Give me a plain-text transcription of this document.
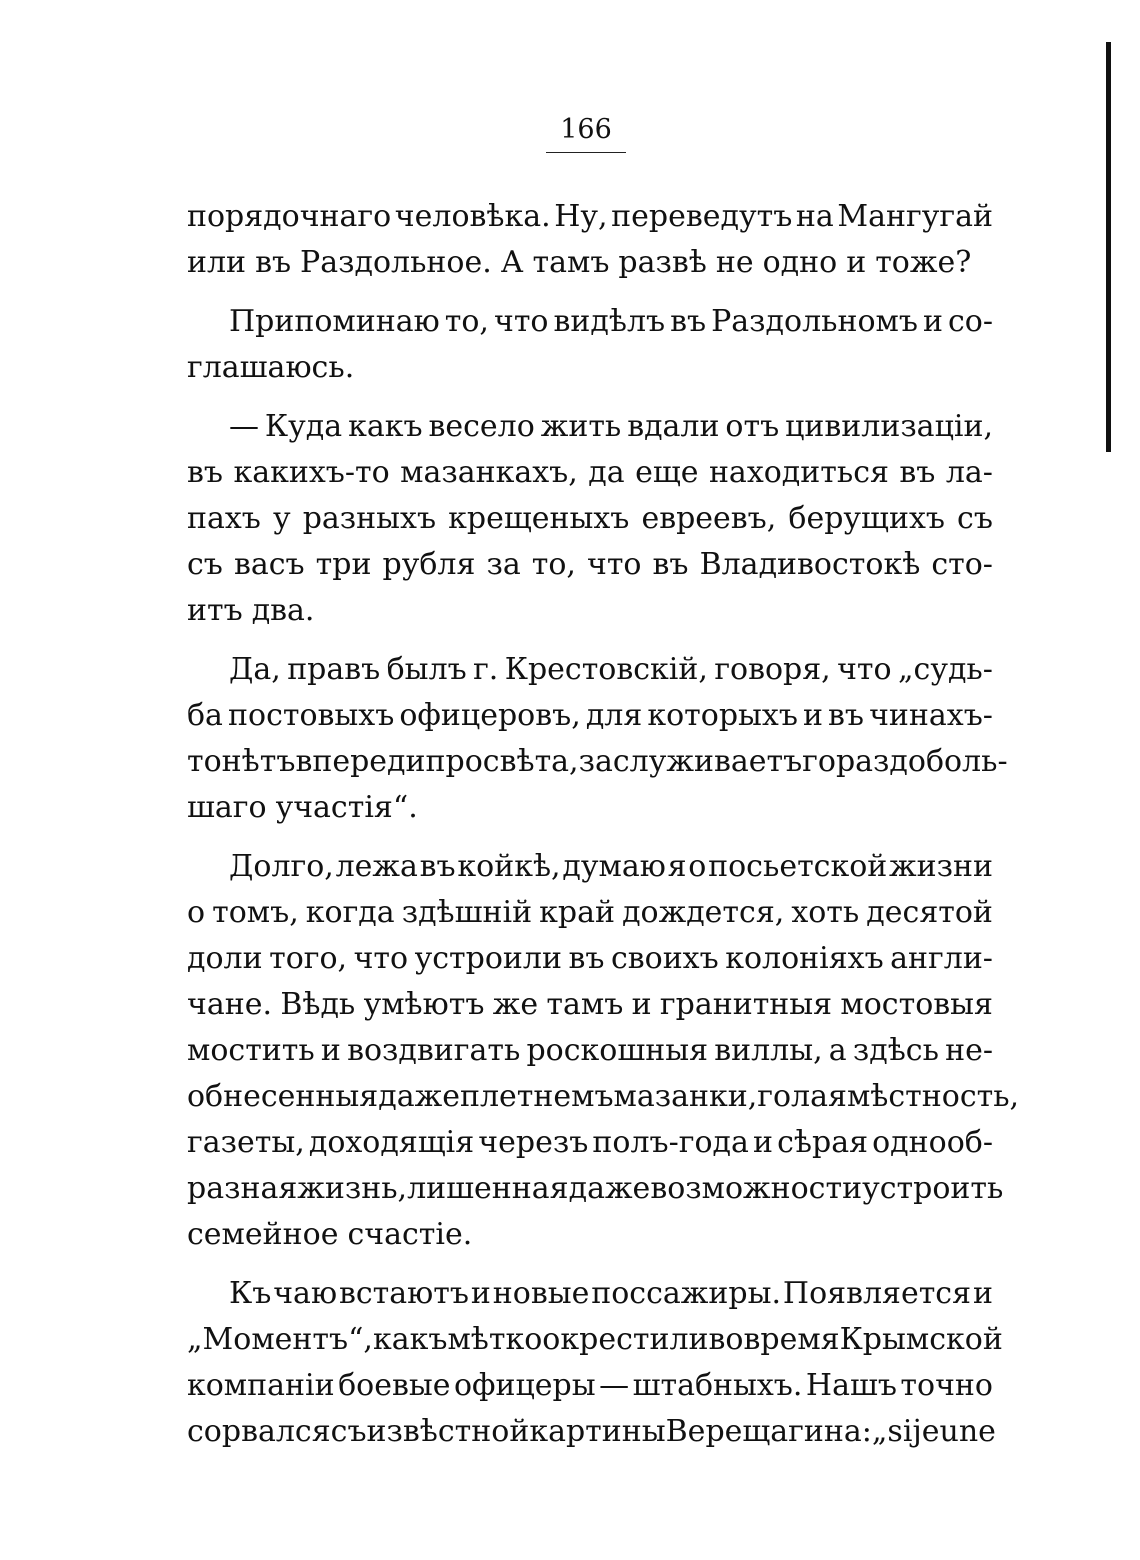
166
порядочнаго человѣка. Ну, переведутъ на Мангугай
или въ Раздольное. А тамъ развѣ не одно и тоже?
Припоминаю то, что видѣлъ въ Раздольномъ и со-
глашаюсь.
— Куда какъ весело жить вдали отъ цивилизаціи,
въ какихъ-то мазанкахъ, да еще находиться въ ла-
пахъ у разныхъ крещеныхъ евреевъ, берущихъ съ
съ васъ три рубля за то, что въ Владивостокѣ сто-
итъ два.
Да, правъ былъ г. Крестовскій, говоря, что „судь-
ба постовыхъ офицеровъ, для которыхъ и въ чинахъ-
то нѣтъ впереди просвѣта, заслуживаетъ гораздо боль-
шаго участія“.
Долго, лежа въ койкѣ, думаю я о посьетской жизни
о томъ, когда здѣшній край дождется, хоть десятой
доли того, что устроили въ своихъ колоніяхъ англи-
чане. Вѣдь умѣютъ же тамъ и гранитныя мостовыя
мостить и воздвигать роскошныя виллы, а здѣсь не-
обнесенныя даже плетнемъ мазанки, голая мѣстность,
газеты, доходящія черезъ полъ-года и сѣрая однооб-
разная жизнь, лишенная даже возможности устроить
семейное счастіе.
Къ чаю встаютъ и новые поссажиры. Появляется и
„Моментъ“, какъ мѣтко окрестили во время Крымской
компаніи боевые офицеры — штабныхъ. Нашъ точно
сорвался съ извѣстной картины Верещагина: „si jeune
